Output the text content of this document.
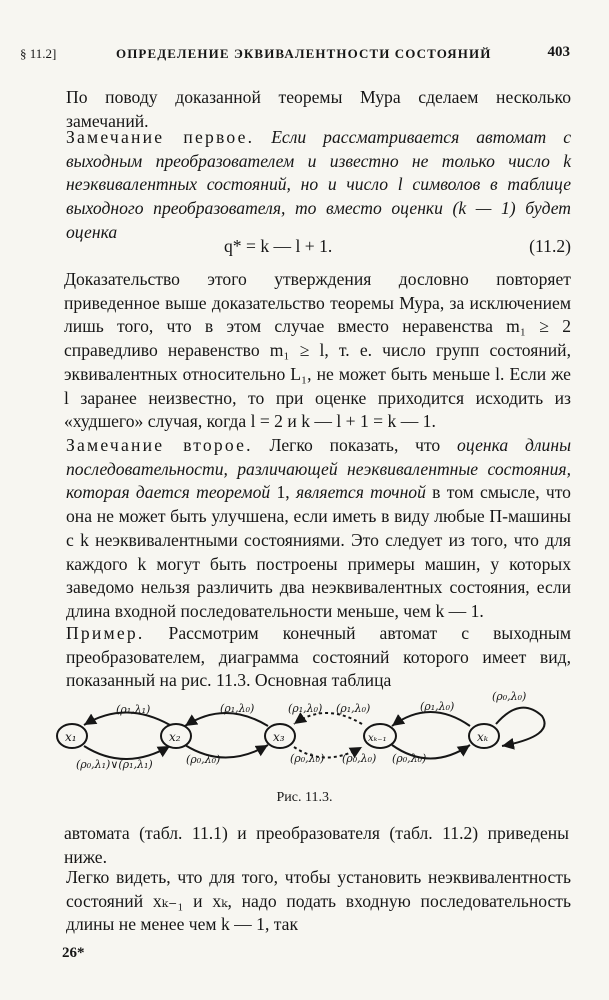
§ 11.2]	ОПРЕДЕЛЕНИЕ ЭКВИВАЛЕНТНОСТИ СОСТОЯНИЙ	403

По поводу доказанной теоремы Мура сделаем несколько замечаний.

Замечание первое. Если рассматривается автомат с выходным преобразователем и известно не только число k неэквивалентных состояний, но и число l символов в таблице выходного преобразователя, то вместо оценки (k — 1) будет оценка

q* = k — l + 1.	(11.2)

Доказательство этого утверждения дословно повторяет приведенное выше доказательство теоремы Мура, за исключением лишь того, что в этом случае вместо неравенства m₁ ≥ 2 справедливо неравенство m₁ ≥ l, т. е. число групп состояний, эквивалентных относительно L₁, не может быть меньше l. Если же l заранее неизвестно, то при оценке приходится исходить из «худшего» случая, когда l = 2 и k — l + 1 = k — 1.

Замечание второе. Легко показать, что оценка длины последовательности, различающей неэквивалентные состояния, которая дается теоремой 1, является точной в том смысле, что она не может быть улучшена, если иметь в виду любые П-машины с k неэквивалентными состояниями. Это следует из того, что для каждого k могут быть построены примеры машин, у которых заведомо нельзя различить два неэквивалентных состояния, если длина входной последовательности меньше, чем k — 1.

Пример. Рассмотрим конечный автомат с выходным преобразователем, диаграмма состояний которого имеет вид, показанный на рис. 11.3. Основная таблица

x₁	x₂	x₃	xₖ₋₁	xₖ
(ρ₁,λ₁)
(ρ₀,λ₁)∨(ρ₁,λ₁)
(ρ₁,λ₀)
(ρ₀,λ₀)
(ρ₁,λ₀) (ρ₁,λ₀)
(ρ₀,λ₀) (ρ₀,λ₀)
(ρ₁,λ₀)
(ρ₀,λ₀)
(ρ₀,λ₀)
Рис. 11.3.

автомата (табл. 11.1) и преобразователя (табл. 11.2) приведены ниже.

Легко видеть, что для того, чтобы установить неэквивалентность состояний xₖ₋₁ и xₖ, надо подать входную последовательность длины не менее чем k — 1, так

26*
